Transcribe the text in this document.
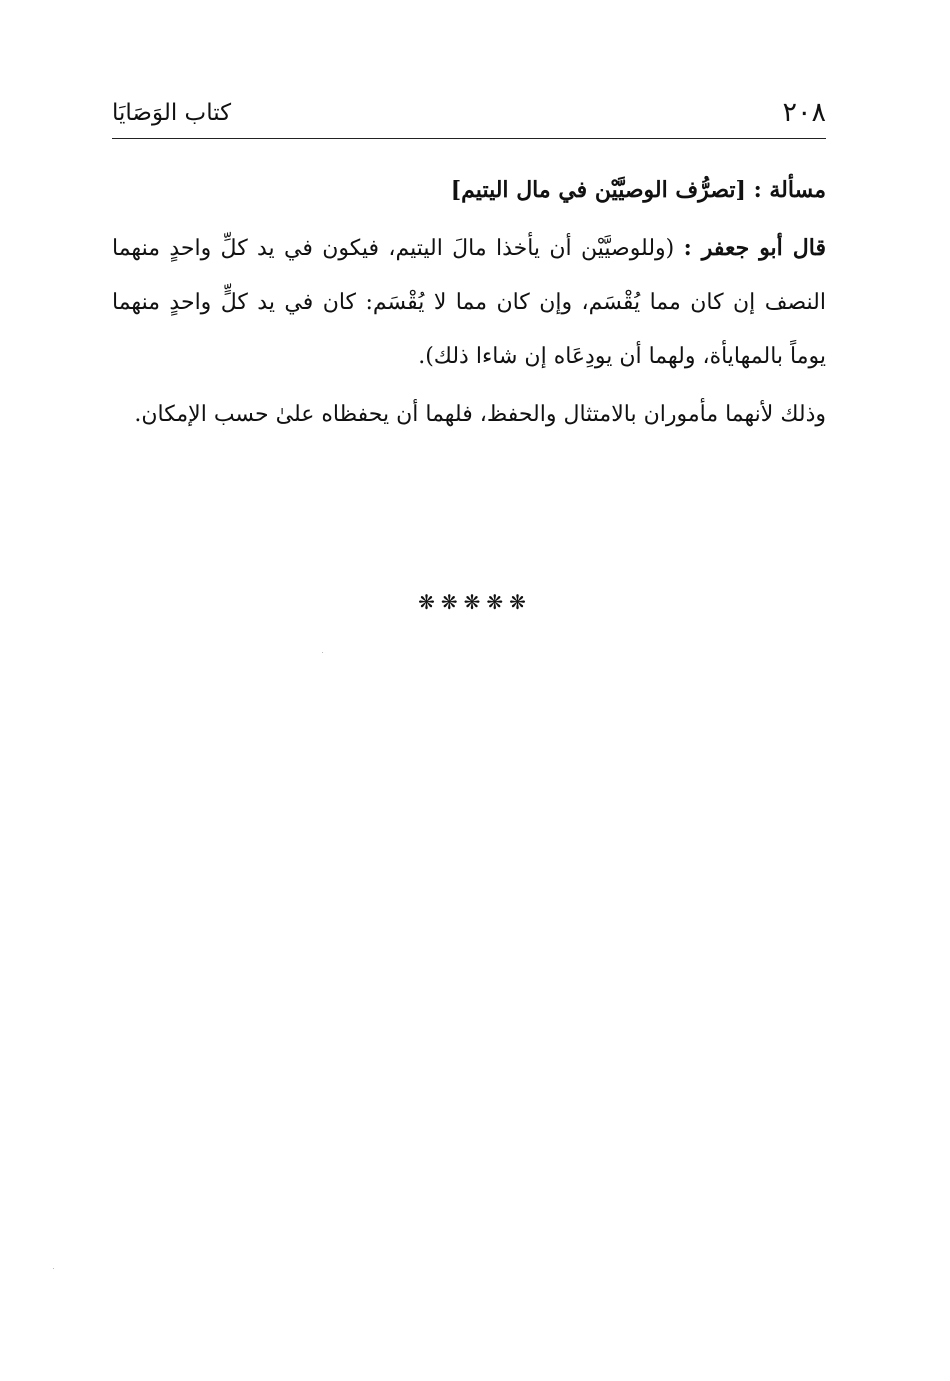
٢٠٨
كتاب الوَصَايَا

مسألة : [تصرُّف الوصيَّيْن في مال اليتيم]

قال أبو جعفر : (وللوصيَّيْن أن يأخذا مالَ اليتيم، فيكون في يد كلِّ واحدٍ منهما النصف إن كان مما يُقْسَم، وإن كان مما لا يُقْسَم: كان في يد كلٍّ واحدٍ منهما يوماً بالمهايأة، ولهما أن يودِعَاه إن شاءا ذلك).

وذلك لأنهما مأموران بالامتثال والحفظ، فلهما أن يحفظاه علىٰ حسب الإمكان.

❋❋❋❋❋
